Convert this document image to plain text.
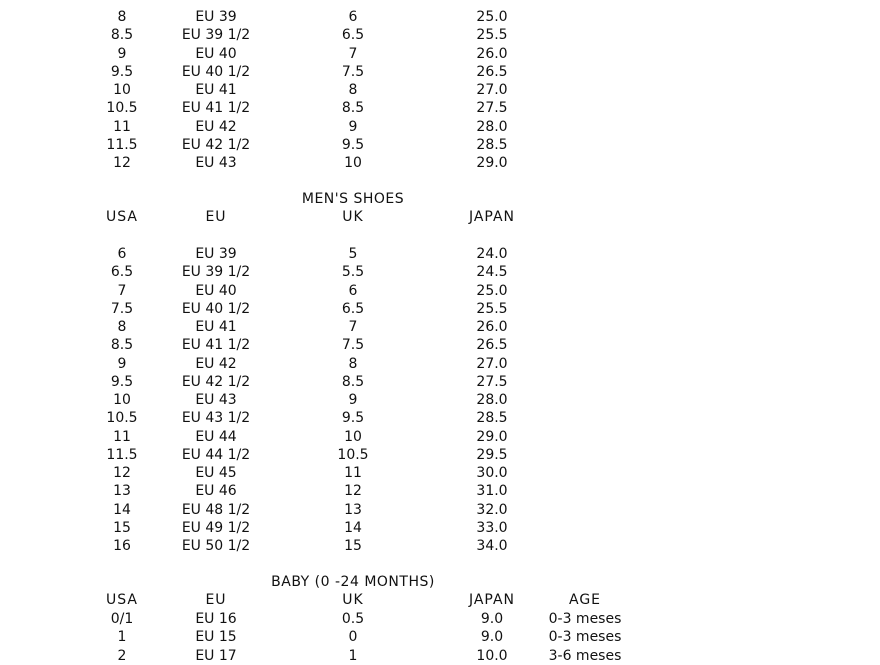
8	EU 39	6	25.0
8.5	EU 39 1/2	6.5	25.5
9	EU 40	7	26.0
9.5	EU 40 1/2	7.5	26.5
10	EU 41	8	27.0
10.5	EU 41 1/2	8.5	27.5
11	EU 42	9	28.0
11.5	EU 42 1/2	9.5	28.5
12	EU 43	10	29.0
MEN'S SHOES
USA	EU	UK	JAPAN
6	EU 39	5	24.0
6.5	EU 39 1/2	5.5	24.5
7	EU 40	6	25.0
7.5	EU 40 1/2	6.5	25.5
8	EU 41	7	26.0
8.5	EU 41 1/2	7.5	26.5
9	EU 42	8	27.0
9.5	EU 42 1/2	8.5	27.5
10	EU 43	9	28.0
10.5	EU 43 1/2	9.5	28.5
11	EU 44	10	29.0
11.5	EU 44 1/2	10.5	29.5
12	EU 45	11	30.0
13	EU 46	12	31.0
14	EU 48 1/2	13	32.0
15	EU 49 1/2	14	33.0
16	EU 50 1/2	15	34.0
BABY (0 -24 MONTHS)
USA	EU	UK	JAPAN	AGE
0/1	EU 16	0.5	9.0	0-3 meses
1	EU 15	0	9.0	0-3 meses
2	EU 17	1	10.0	3-6 meses
